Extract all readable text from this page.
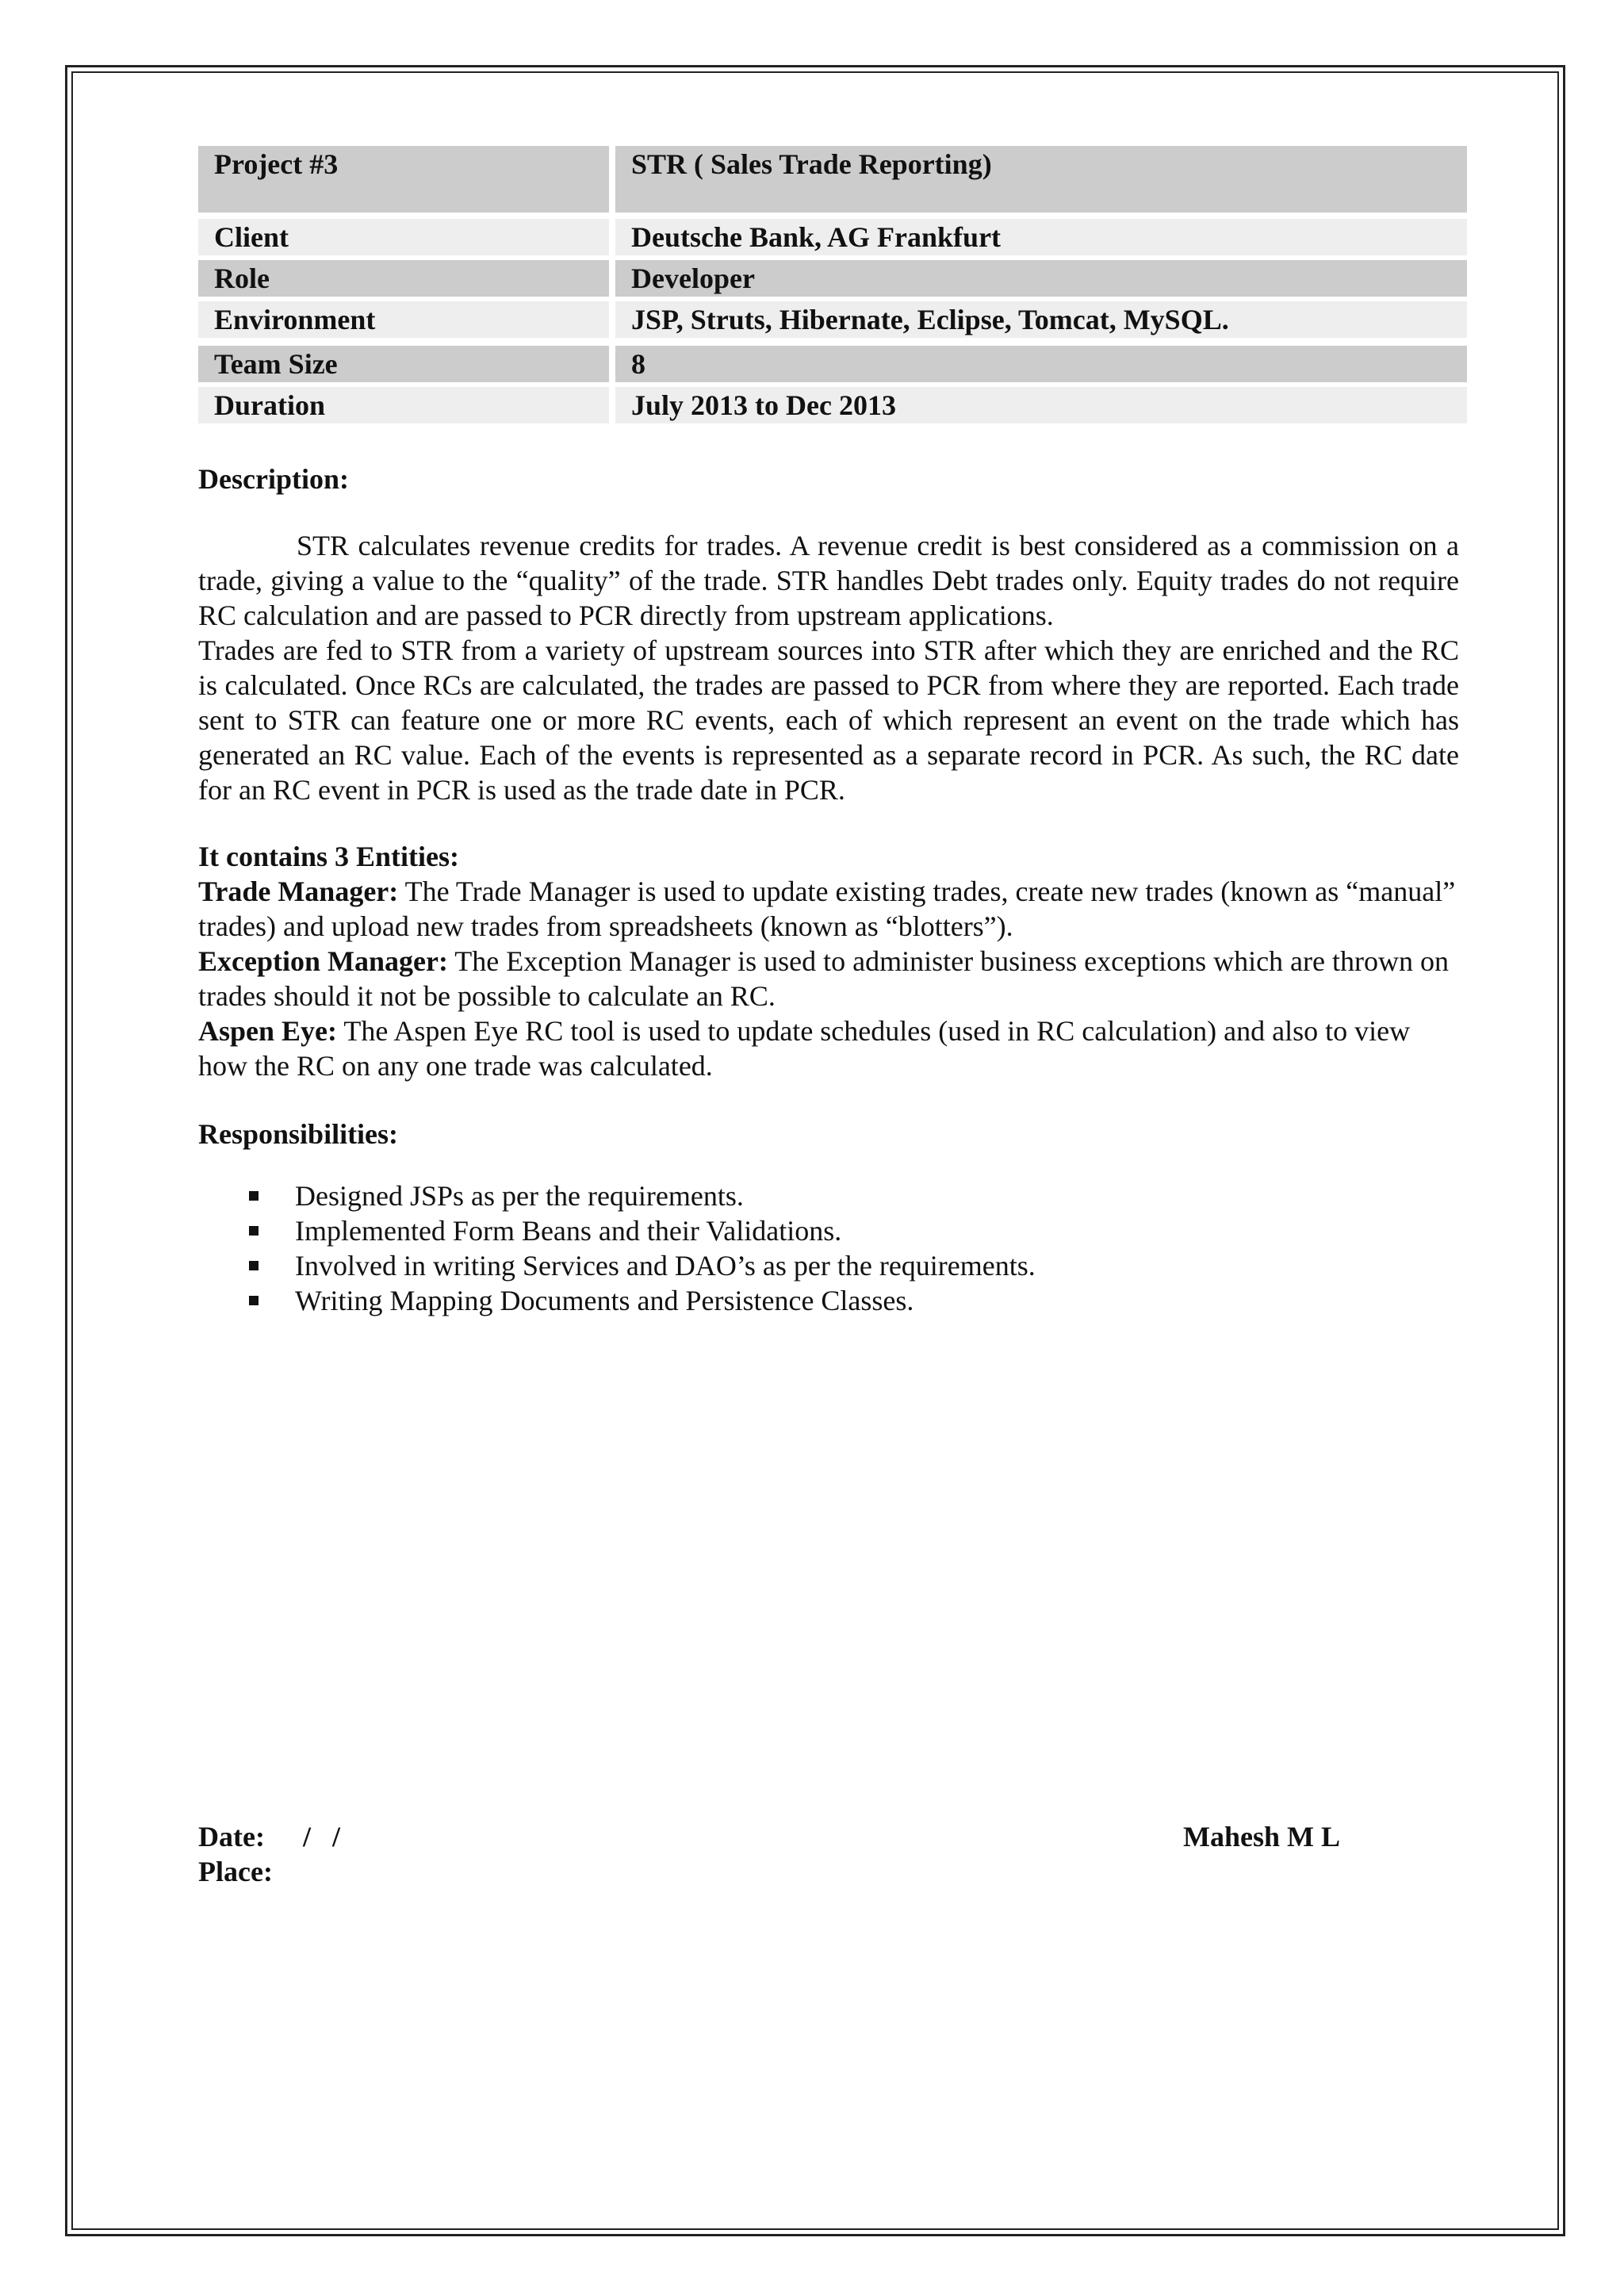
Project #3	STR ( Sales Trade Reporting)
Client	Deutsche Bank, AG Frankfurt
Role	Developer
Environment	JSP, Struts, Hibernate, Eclipse, Tomcat, MySQL.
Team Size	8
Duration	July 2013 to Dec 2013
Description:

STR calculates revenue credits for trades. A revenue credit is best considered as a commission on a trade, giving a value to the “quality” of the trade. STR handles Debt trades only. Equity trades do not require RC calculation and are passed to PCR directly from upstream applications.

Trades are fed to STR from a variety of upstream sources into STR after which they are enriched and the RC is calculated. Once RCs are calculated, the trades are passed to PCR from where they are reported. Each trade sent to STR can feature one or more RC events, each of which represent an event on the trade which has generated an RC value. Each of the events is represented as a separate record in PCR. As such, the RC date for an RC event in PCR is used as the trade date in PCR.

It contains 3 Entities:

Trade Manager: The Trade Manager is used to update existing trades, create new trades (known as “manual” trades) and upload new trades from spreadsheets (known as “blotters”).

Exception Manager: The Exception Manager is used to administer business exceptions which are thrown on trades should it not be possible to calculate an RC.

Aspen Eye: The Aspen Eye RC tool is used to update schedules (used in RC calculation) and also to view how the RC on any one trade was calculated.

Responsibilities:
Designed JSPs as per the requirements.
Implemented Form Beans and their Validations.
Involved in writing Services and DAO’s as per the requirements.
Writing Mapping Documents and Persistence Classes.
Date: /   /	Mahesh M L
Place:
